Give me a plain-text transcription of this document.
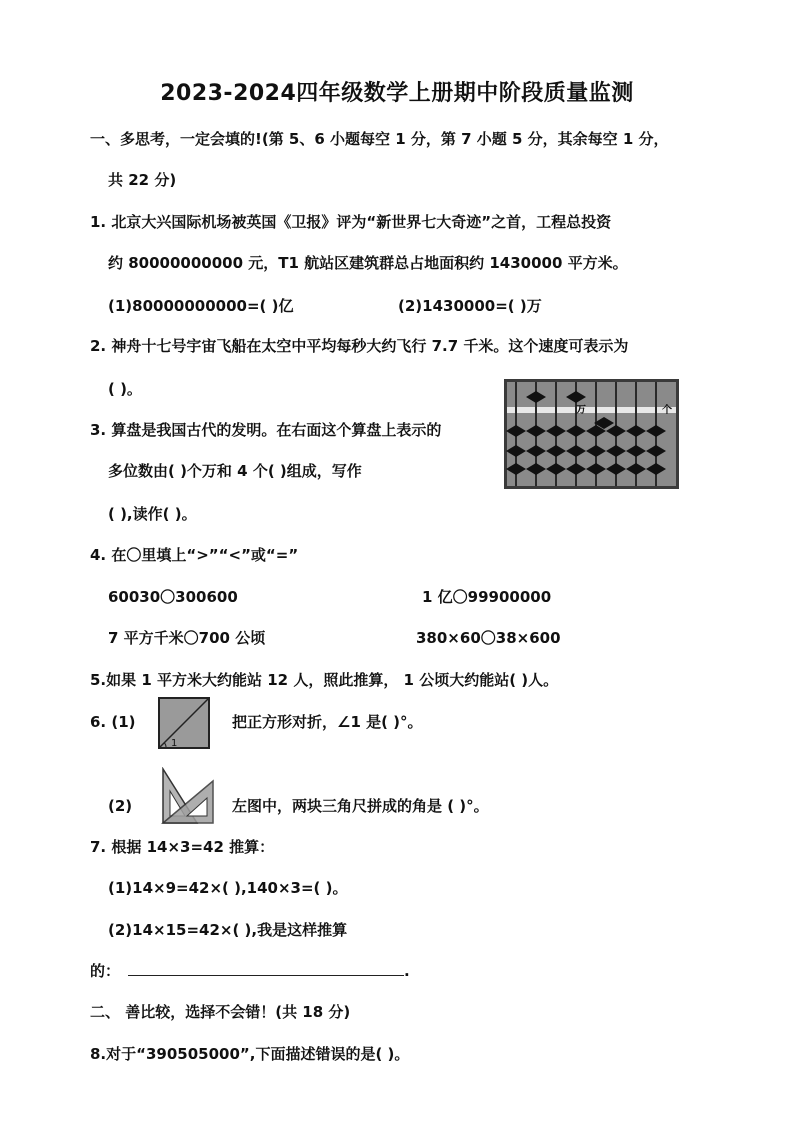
2023-2024四年级数学上册期中阶段质量监测
一、多思考，一定会填的!(第 5、6 小题每空 1 分，第 7 小题 5 分，其余每空 1 分，
共 22 分)
1. 北京大兴国际机场被英国《卫报》评为“新世界七大奇迹”之首，工程总投资
约 80000000000 元，T1 航站区建筑群总占地面积约 1430000 平方米。
(1)80000000000=( )亿	(2)1430000=( )万
2. 神舟十七号宇宙飞船在太空中平均每秒大约飞行 7.7 千米。这个速度可表示为
( )。
万	个
3. 算盘是我国古代的发明。在右面这个算盘上表示的
多位数由( )个万和 4 个( )组成，写作
( ),读作( )。
4. 在〇里填上“>”“<”或“=”
60030〇300600	1 亿〇99900000
7 平方千米〇700 公顷	380×60〇38×600
5.如果 1 平方米大约能站 12 人，照此推算， 1 公顷大约能站( )人。
6. (1)
1
把正方形对折，∠1 是( )°。
(2)	左图中，两块三角尺拼成的角是 ( )°。
7. 根据 14×3=42 推算：
(1)14×9=42×( ),140×3=( )。
(2)14×15=42×( ),我是这样推算
的：	.
二、 善比较，选择不会错！(共 18 分)
8.对于“390505000”,下面描述错误的是( )。
